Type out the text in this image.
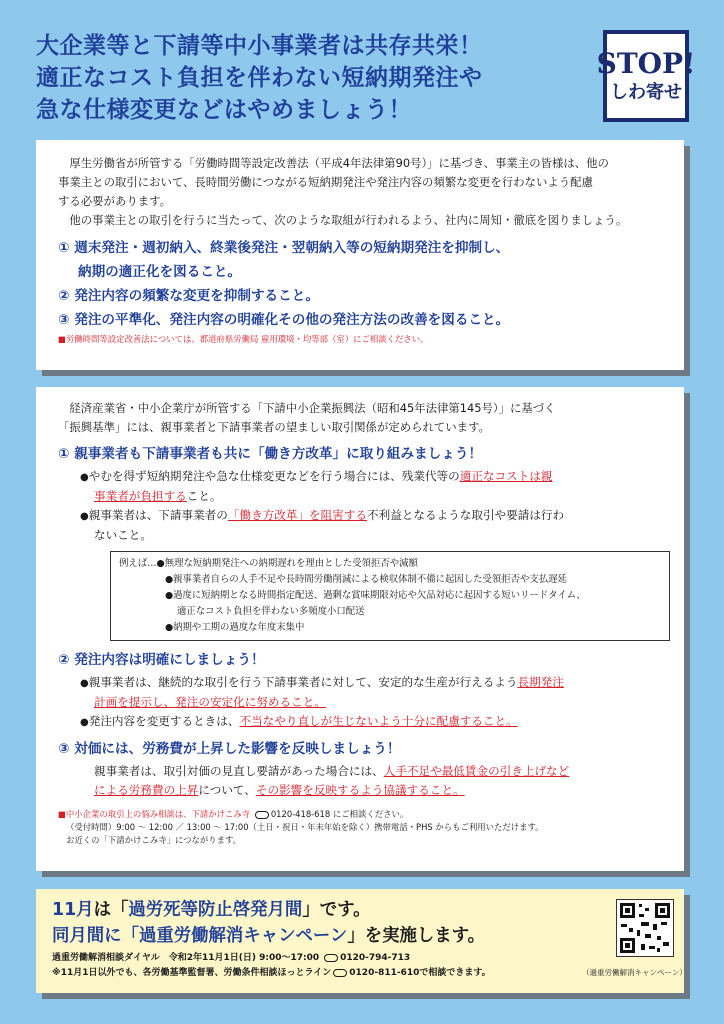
大企業等と下請等中小事業者は共存共栄！
適正なコスト負担を伴わない短納期発注や
急な仕様変更などはやめましょう！
STOP!
しわ寄せ
厚生労働省が所管する「労働時間等設定改善法（平成4年法律第90号）」に基づき、事業主の皆様は、他の
事業主との取引において、長時間労働につながる短納期発注や発注内容の頻繁な変更を行わないよう配慮
する必要があります。
他の事業主との取引を行うに当たって、次のような取組が行われるよう、社内に周知・徹底を図りましょう。
① 週末発注・週初納入、終業後発注・翌朝納入等の短納期発注を抑制し、
納期の適正化を図ること。
② 発注内容の頻繁な変更を抑制すること。
③ 発注の平準化、発注内容の明確化その他の発注方法の改善を図ること。
■労働時間等設定改善法については、都道府県労働局 雇用環境・均等部（室）にご相談ください。
経済産業省・中小企業庁が所管する「下請中小企業振興法（昭和45年法律第145号）」に基づく
「振興基準」には、親事業者と下請事業者の望ましい取引関係が定められています。
① 親事業者も下請事業者も共に「働き方改革」に取り組みましょう！
●やむを得ず短納期発注や急な仕様変更などを行う場合には、残業代等の適正なコストは親
事業者が負担すること。
●親事業者は、下請事業者の「働き方改革」を阻害する不利益となるような取引や要請は行わ
ないこと。
例えば…●無理な短納期発注への納期遅れを理由とした受領拒否や減額
●親事業者自らの人手不足や長時間労働削減による検収体制不備に起因した受領拒否や支払遅延
●過度に短納期となる時間指定配送、過剰な賞味期限対応や欠品対応に起因する短いリードタイム、
適正なコスト負担を伴わない多頻度小口配送
●納期や工期の過度な年度末集中
② 発注内容は明確にしましょう！
●親事業者は、継続的な取引を行う下請事業者に対して、安定的な生産が行えるよう長期発注
計画を提示し、発注の安定化に努めること。
●発注内容を変更するときは、不当なやり直しが生じないよう十分に配慮すること。
③ 対価には、労務費が上昇した影響を反映しましょう！
親事業者は、取引対価の見直し要請があった場合には、人手不足や最低賃金の引き上げなど
による労務費の上昇について、その影響を反映するよう協議すること。
■中小企業の取引上の悩み相談は、下請かけこみ寺 0120-418-618 にご相談ください。
（受付時間）9:00 〜 12:00 ／ 13:00 〜 17:00（土日・祝日・年末年始を除く）携帯電話・PHS からもご利用いただけます。
お近くの「下請かけこみ寺」につながります。
11月は「過労死等防止啓発月間」です。
同月間に「過重労働解消キャンペーン」を実施します。
過重労働解消相談ダイヤル　令和2年11月1日(日) 9:00〜17:00 0120-794-713
※11月1日以外でも、各労働基準監督署、労働条件相談ほっとライン 0120-811-610で相談できます。	（過重労働解消キャンペーン）
